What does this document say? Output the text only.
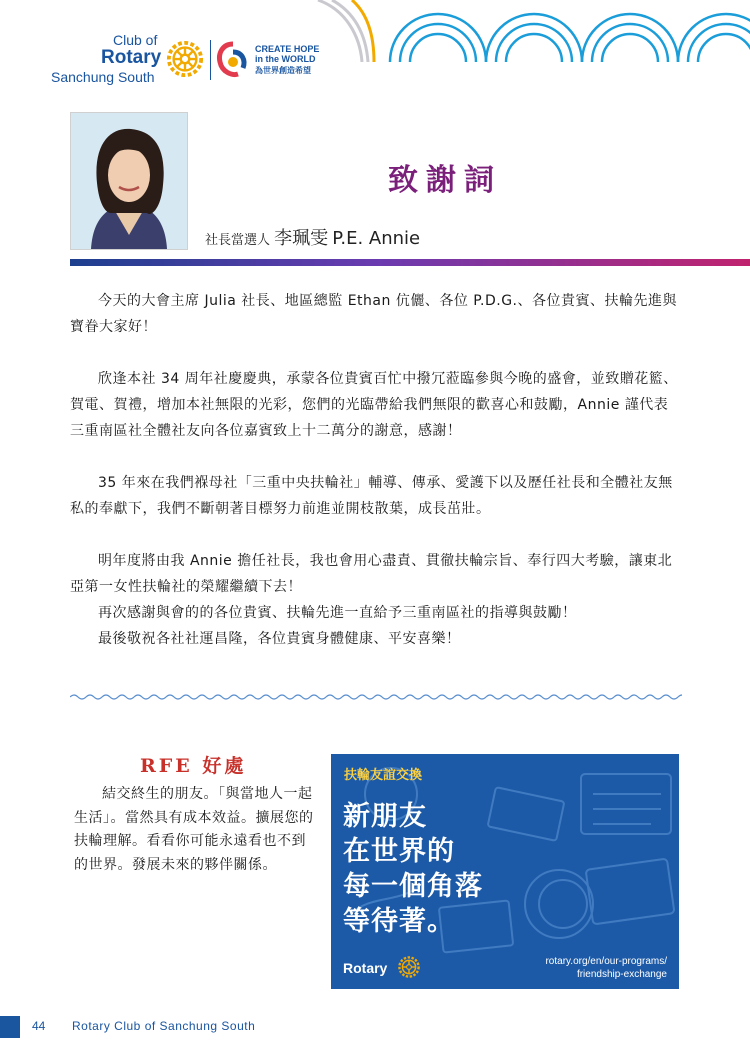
Club of
Rotary
Sanchung South
CREATE HOPE
in the WORLD
為世界創造希望
致謝詞
社長當選人 李珮雯 P.E. Annie

今天的大會主席 Julia 社長、地區總監 Ethan 伉儷、各位 P.D.G.、各位貴賓、扶輪先進與寶眷大家好！

欣逢本社 34 周年社慶慶典，承蒙各位貴賓百忙中撥冗蒞臨參與今晚的盛會，並致贈花籃、賀電、賀禮，增加本社無限的光彩，您們的光臨帶給我們無限的歡喜心和鼓勵，Annie 謹代表三重南區社全體社友向各位嘉賓致上十二萬分的謝意，感謝！

35 年來在我們褓母社「三重中央扶輪社」輔導、傳承、愛護下以及歷任社長和全體社友無私的奉獻下，我們不斷朝著目標努力前進並開枝散葉，成長茁壯。

明年度將由我 Annie 擔任社長，我也會用心盡責、貫徹扶輪宗旨、奉行四大考驗，讓東北亞第一女性扶輪社的榮耀繼續下去！

再次感謝與會的的各位貴賓、扶輪先進一直給予三重南區社的指導與鼓勵！

最後敬祝各社社運昌隆，各位貴賓身體健康、平安喜樂！

RFE 好處

結交終生的朋友。「與當地人一起生活」。當然具有成本效益。擴展您的扶輪理解。看看你可能永遠看也不到的世界。發展未來的夥伴關係。

扶輪友誼交換
新朋友
在世界的
每一個角落
等待著。
Rotary	rotary.org/en/our-programs/
friendship-exchange
44 Rotary Club of Sanchung South
